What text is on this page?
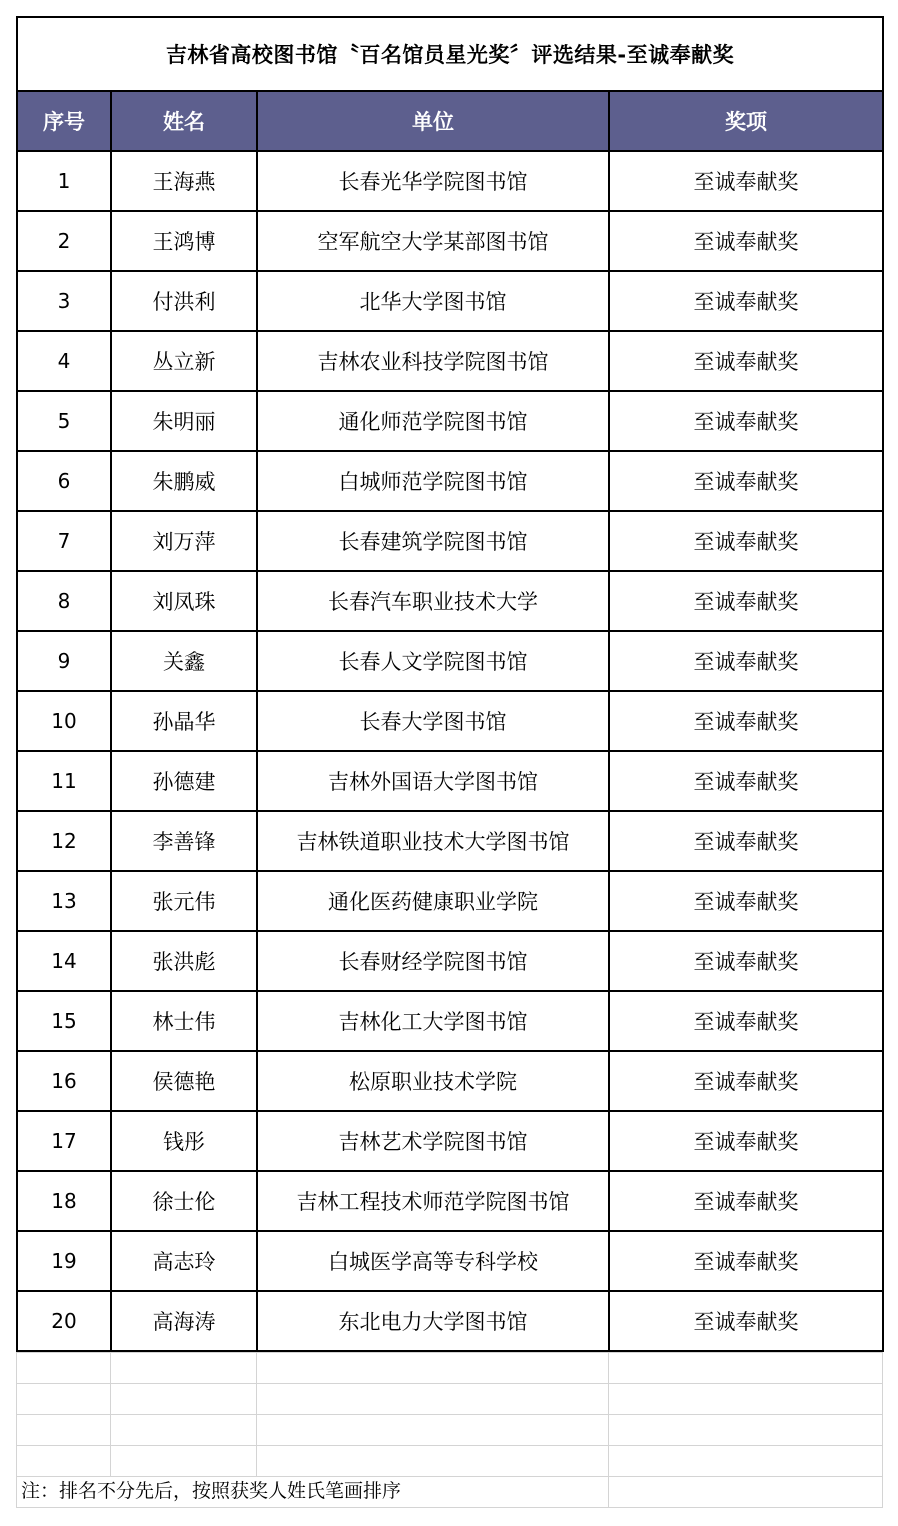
吉林省高校图书馆〝百名馆员星光奖〞评选结果-至诚奉献奖			
序号	姓名	单位	奖项
1	王海燕	长春光华学院图书馆	至诚奉献奖
2	王鸿博	空军航空大学某部图书馆	至诚奉献奖
3	付洪利	北华大学图书馆	至诚奉献奖
4	丛立新	吉林农业科技学院图书馆	至诚奉献奖
5	朱明丽	通化师范学院图书馆	至诚奉献奖
6	朱鹏威	白城师范学院图书馆	至诚奉献奖
7	刘万萍	长春建筑学院图书馆	至诚奉献奖
8	刘凤珠	长春汽车职业技术大学	至诚奉献奖
9	关鑫	长春人文学院图书馆	至诚奉献奖
10	孙晶华	长春大学图书馆	至诚奉献奖
11	孙德建	吉林外国语大学图书馆	至诚奉献奖
12	李善锋	吉林铁道职业技术大学图书馆	至诚奉献奖
13	张元伟	通化医药健康职业学院	至诚奉献奖
14	张洪彪	长春财经学院图书馆	至诚奉献奖
15	林士伟	吉林化工大学图书馆	至诚奉献奖
16	侯德艳	松原职业技术学院	至诚奉献奖
17	钱彤	吉林艺术学院图书馆	至诚奉献奖
18	徐士伦	吉林工程技术师范学院图书馆	至诚奉献奖
19	高志玲	白城医学高等专科学校	至诚奉献奖
20	高海涛	东北电力大学图书馆	至诚奉献奖

注：排名不分先后，按照获奖人姓氏笔画排序			
